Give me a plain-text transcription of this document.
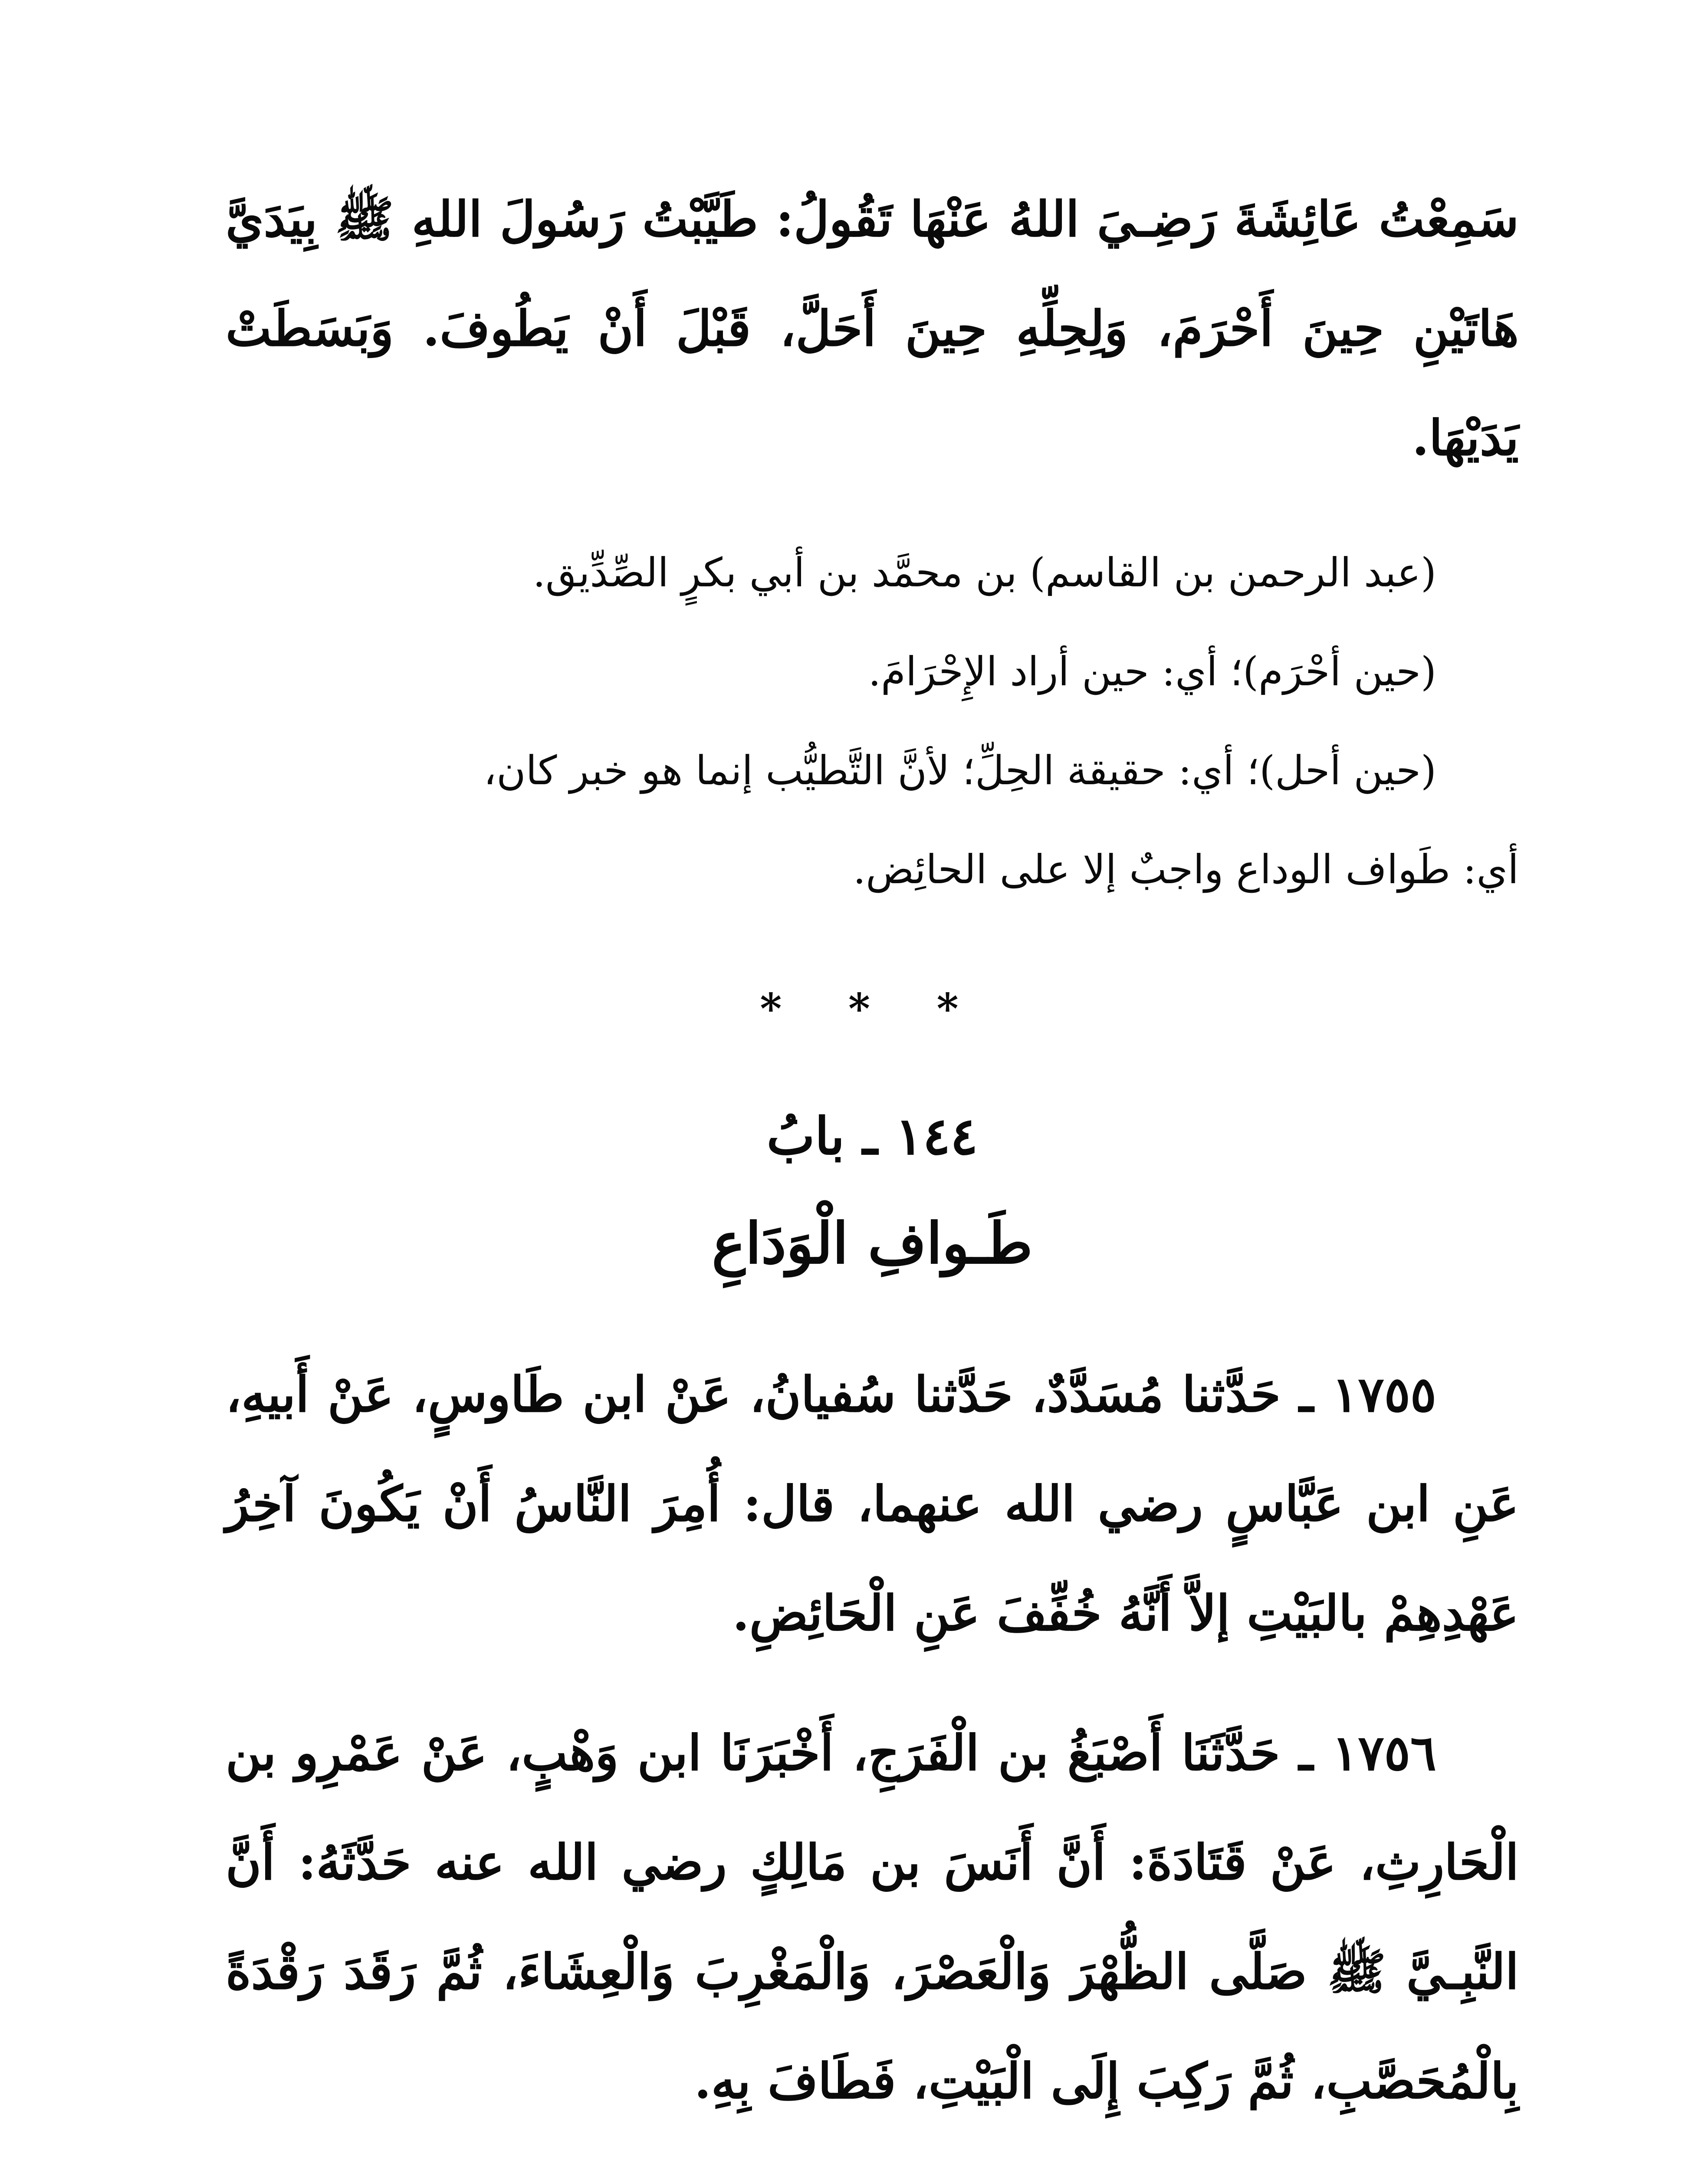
سَمِعْتُ عَائِشَةَ رَضِـيَ اللهُ عَنْهَا تَقُولُ: طَيَّبْتُ رَسُولَ اللهِ ﷺ بِيَدَيَّ هَاتَيْنِ حِينَ أَحْرَمَ، وَلِحِلِّهِ حِينَ أَحَلَّ، قَبْلَ أَنْ يَطُوفَ. وَبَسَطَتْ يَدَيْهَا.

(عبد الرحمن بن القاسم) بن محمَّد بن أبي بكرٍ الصِّدِّيق.

(حين أحْرَم)؛ أي: حين أراد الإِحْرَامَ.

(حين أحل)؛ أي: حقيقة الحِلِّ؛ لأنَّ التَّطيُّب إنما هو خبر كان،

أي: طَواف الوداع واجبٌ إلا على الحائِض.

* * *
١٤٤ ـ بابُ
طَـوافِ الْوَدَاعِ

١٧٥٥ ـ حَدَّثنا مُسَدَّدٌ، حَدَّثنا سُفيانُ، عَنْ ابن طَاوسٍ، عَنْ أَبيهِ، عَنِ ابن عَبَّاسٍ رضي الله عنهما، قال: أُمِرَ النَّاسُ أَنْ يَكُونَ آخِرُ عَهْدِهِمْ بالبَيْتِ إلاَّ أَنَّهُ خُفِّفَ عَنِ الْحَائِضِ.

١٧٥٦ ـ حَدَّثَنَا أَصْبَغُ بن الْفَرَجِ، أَخْبَرَنَا ابن وَهْبٍ، عَنْ عَمْرِو بن الْحَارِثِ، عَنْ قَتَادَةَ: أَنَّ أَنَسَ بن مَالِكٍ رضي الله عنه حَدَّثَهُ: أَنَّ النَّبِـيَّ ﷺ صَلَّى الظُّهْرَ وَالْعَصْرَ، وَالْمَغْرِبَ وَالْعِشَاءَ، ثُمَّ رَقَدَ رَقْدَةً بِالْمُحَصَّبِ، ثُمَّ رَكِبَ إِلَى الْبَيْتِ، فَطَافَ بِهِ.
